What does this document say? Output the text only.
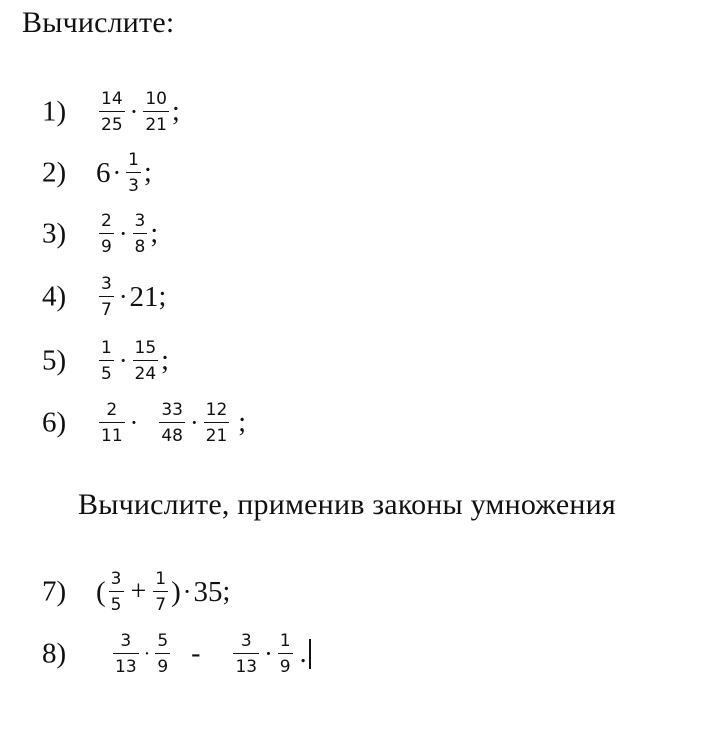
Вычислите:
$1) \frac{14}{25} \cdot \frac{10}{21}$ ;
2) $6 \cdot \frac{1}{3}$ ;
$3) \frac{2}{9} \cdot \frac{3}{8}$ ;
$4) \frac{3}{7} \cdot 21$ ;
$5) \frac{1}{5} \cdot \frac{15}{24}$ ;
$6) \frac{2}{11} \cdot \frac{33}{48} \cdot \frac{12}{21}$ ;
Вычислите, применив законы умножения
7) ( $\frac{3}{5} + \frac{1}{7}$ ) · 35 ;
8)	$\frac{3}{13} \cdot \frac{5}{9} - \frac{3}{13} \cdot \frac{1}{9}$ .
